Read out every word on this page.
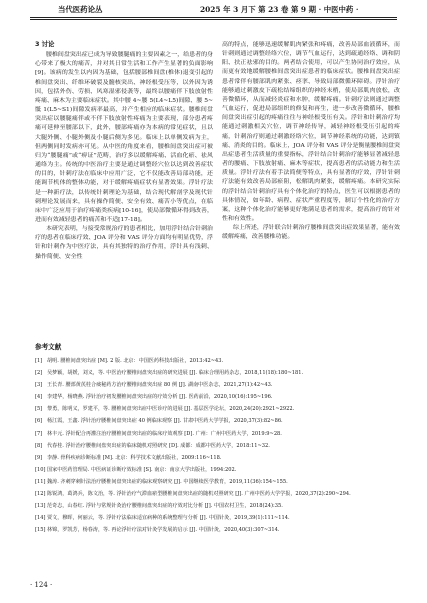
当代医药论丛	2025 年 3 月下 第 23 卷 第 9 期 · 中医中药 ·

3 讨论

腰椎间盘突出症已成为导致腰腿痛的主要因素之一，给患者的身心带来了极大的痛苦，并对其日常生活和工作产生显著的负面影响[9]。该病的发生以内因为基础，包括腰部椎间盘(椎体)退变引起的椎间盘突出、纤维环破裂及髓核突出、神经根受压等，以外因为诱因，包括外伤、劳损、风寒湿邪侵袭等，最终以腰痛伴下肢放射性疼痛、麻木为主要临床症状。其中腰 4~腰 5(L4~L5)间隙、腰 5~骶 1(L5~S1)间隙发病率最高，并产生相应的临床症状。腰椎间盘突出症以腰腿痛伴或不伴下肢放射性疼痛为主要表现，部分患者疼痛可延伸至腰部以下，此外，腰部疼痛亦为本病的常见症状，且以大腿外侧、小腿外侧及小腿后侧为多见。临床上以单侧发病为主，但两侧同时发病亦可见。从中医的角度来看，腰椎间盘突出症可被归为“腰腿痛”或“痹证”范畴，治疗多以缓解疼痛、活血化瘀、祛风通络为主。传统的中医治疗主要是通过调整经穴位以达到改善症状的目的，针刺疗法在临床中应用广泛，它不仅能改善局部功能，还能调节机体的整体功能，对于缓解疼痛症状有显著效果。浮针疗法是一种新疗法，以传统针刺理论为基础，结合现代解剖学及现代针刺理论发展而来，具有操作简便、安全有效、痛苦小等优点，在临床中广泛应用于治疗疼痛类疾病[10-16]，使局部微循环得到改善，进而有效减轻患者的痛苦和不适[17-18]。

本研究表明，与接受常规治疗的患者相比，加用浮针结合针刺治疗的患者在临床疗效、JOA 评分和 VAS 评分方面均有明显优势，浮针和针刺作为中医疗法，具有其独特的治疗作用，浮针具有浅刺、操作简便、安全性

高的特点，能够迅速缓解肌肉紧张和疼痛，改善局部血液循环，而针刺则通过调整经络穴位，调节气血运行，达到疏通经络、调和阴阳、扶正祛邪的目的。两者结合使用，可以产生协同治疗效应，从而更有效地缓解腰椎间盘突出症患者的临床症状。腰椎间盘突出症患者常伴有腰部肌肉紧张、痉挛、导致局部微循环障碍。浮针治疗能够通过刺激皮下疏松结缔组织的神经末梢，使局部肌肉放松，改善微循环，从而减轻炎症和水肿，缓解疼痛。针刺疗法则通过调整气血运行，促进局部组织的修复和再生，进一步改善微循环，腰椎间盘突出症引起的疼痛往往与神经根受压有关。浮针和针刺治疗均能通过刺激相关穴位，调节神经传导，减轻神经根受压引起的疼痛，针刺治疗则通过刺激经络穴位，调节神经系统的功能，达到镇痛、消炎的目的。临床上，JOA 评分和 VAS 评分是衡量腰椎间盘突出症患者生活质量的重要指标，浮针结合针刺治疗能够显著减轻患者的腰痛、下肢放射痛、麻木等症状，提高患者的活动能力和生活质量。浮针疗法有着手法简便等特点，具有显著的疗效，浮针针刺疗法能有效改善局部瘀阻，松解肌肉紧张，缓解疼痛。本研究实际的浮针结合针刺治疗具有个体化治疗的特点，医生可以根据患者的具体情况，如年龄、病程、症状严重程度等，制订个性化的治疗方案，这种个体化治疗能够更好地满足患者的需求，提高治疗的针对性和有效性。

综上所述，浮针联合针刺治疗腰椎间盘突出症效果显著，能有效缓解疼痛，改善腰椎功能。

参考文献
[1] 胡明. 腰椎间盘突出症 [M]. 2 版. 北京：中国医药科技出版社，2013:42~43.
[2] 吴梦颖，胡媛，刘义，等. 中医治疗腰椎间盘突出症的研究进展 [J]. 临床合理用药杂志，2018,11(18):180~181.
[3] 王长青. 腰部黄芪桂合痰秘药方治疗腰椎间盘突出症 80 例 [J]. 湖南中医杂志，2021,27(1):42~43.
[4] 李建华，杨晓燕. 浮针治疗初发腰椎间盘突出症的疗效分析 [J]. 医药前沿，2020,10(16):195~196.
[5] 黎勇，陈明义，罗建平，等. 腰椎间盘突出症中医诊疗的进展 [J]. 基层医学论坛，2020,24(20):2921~2922.
[6] 杨江霞，王鑫. 浮针治疗腰椎间盘突出症 40 例临床观察 [J]. 甘肃中医药大学学报，2020,37(3):82~86.
[7] 林丰元. 浮针配合再灌注治疗腰椎间盘突出症的临床疗效观察 [D]. 广州：广州中医药大学，2019:9~28.
[8] 代春桂. 浮针治疗腰椎间盘突出症的临床随机对照研究 [D]. 成都：成都中医药大学，2018:11~32.
[9] 李静. 骨科疾病诊断标准 [M]. 北京：科学技术文献出版社，2009:116~118.
[10] 国家中医药管理局. 中医病证诊断疗效标准 [S]. 南京：南京大学出版社，1994:202.
[11] 魏涛. 齐刺穿刺针法治疗腰椎间盘突出症的临床观察研究 [J]. 中国继续医学教育，2019,11(36):154~155.
[12] 陈锐鸿，葛鸿兵，陈文治，等. 浮针治疗气滞血瘀型腰椎间盘突出症的随机对照研究 [J]. 广州中医药大学学报，2020,37(2):290~294.
[13] 范奇志，山春红. 浮针与常规针灸治疗腰椎间盘突出症的疗效对比分析 [J]. 中国农村卫生，2018(24):35.
[14] 贾文，穆晖，何丽云，等. 浮针疗法临床适宜病种的系统整理与分析 [J]. 中国针灸，2019,39(1):111~114.
[15] 林锦，罗凯芳，杨春涛，等. 再论浮针疗法对针灸学发展的启示 [J]. 中国针灸，2020,40(3):307~314.
· 124 ·
